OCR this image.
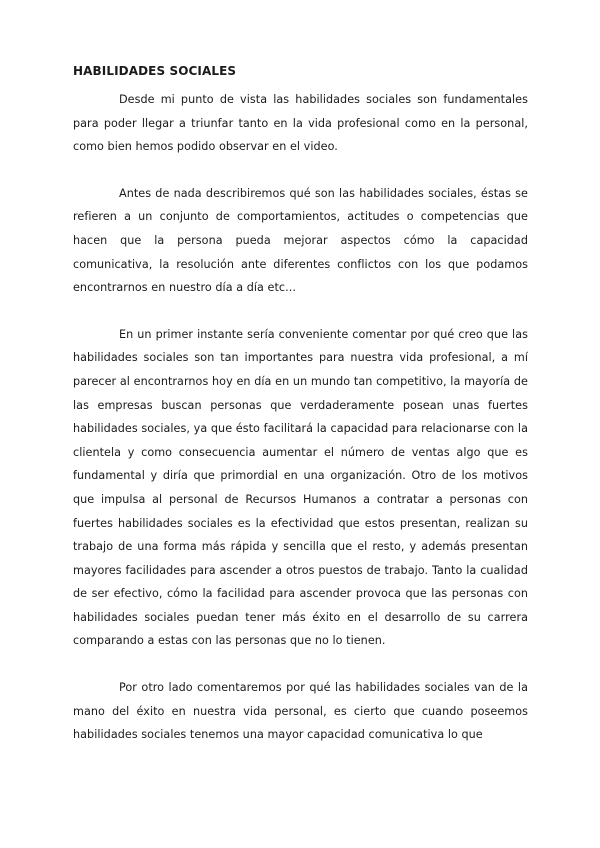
HABILIDADES SOCIALES

Desde mi punto de vista las habilidades sociales son fundamentales para poder llegar a triunfar tanto en la vida profesional como en la personal, como bien hemos podido observar en el video.

Antes de nada describiremos qué son las habilidades sociales, éstas se refieren a un conjunto de comportamientos, actitudes o competencias que hacen que la persona pueda mejorar aspectos cómo la capacidad comunicativa, la resolución ante diferentes conflictos con los que podamos encontrarnos en nuestro día a día etc...

En un primer instante sería conveniente comentar por qué creo que las habilidades sociales son tan importantes para nuestra vida profesional, a mí parecer al encontrarnos hoy en día en un mundo tan competitivo, la mayoría de las empresas buscan personas que verdaderamente posean unas fuertes habilidades sociales, ya que ésto facilitará la capacidad para relacionarse con la clientela y como consecuencia aumentar el número de ventas algo que es fundamental y diría que primordial en una organización. Otro de los motivos que impulsa al personal de Recursos Humanos a contratar a personas con fuertes habilidades sociales es la efectividad que estos presentan, realizan su trabajo de una forma más rápida y sencilla que el resto, y además presentan mayores facilidades para ascender a otros puestos de trabajo. Tanto la cualidad de ser efectivo, cómo la facilidad para ascender provoca que las personas con habilidades sociales puedan tener más éxito en el desarrollo de su carrera comparando a estas con las personas que no lo tienen.

Por otro lado comentaremos por qué las habilidades sociales van de la mano del éxito en nuestra vida personal, es cierto que cuando poseemos habilidades sociales tenemos una mayor capacidad comunicativa lo que
